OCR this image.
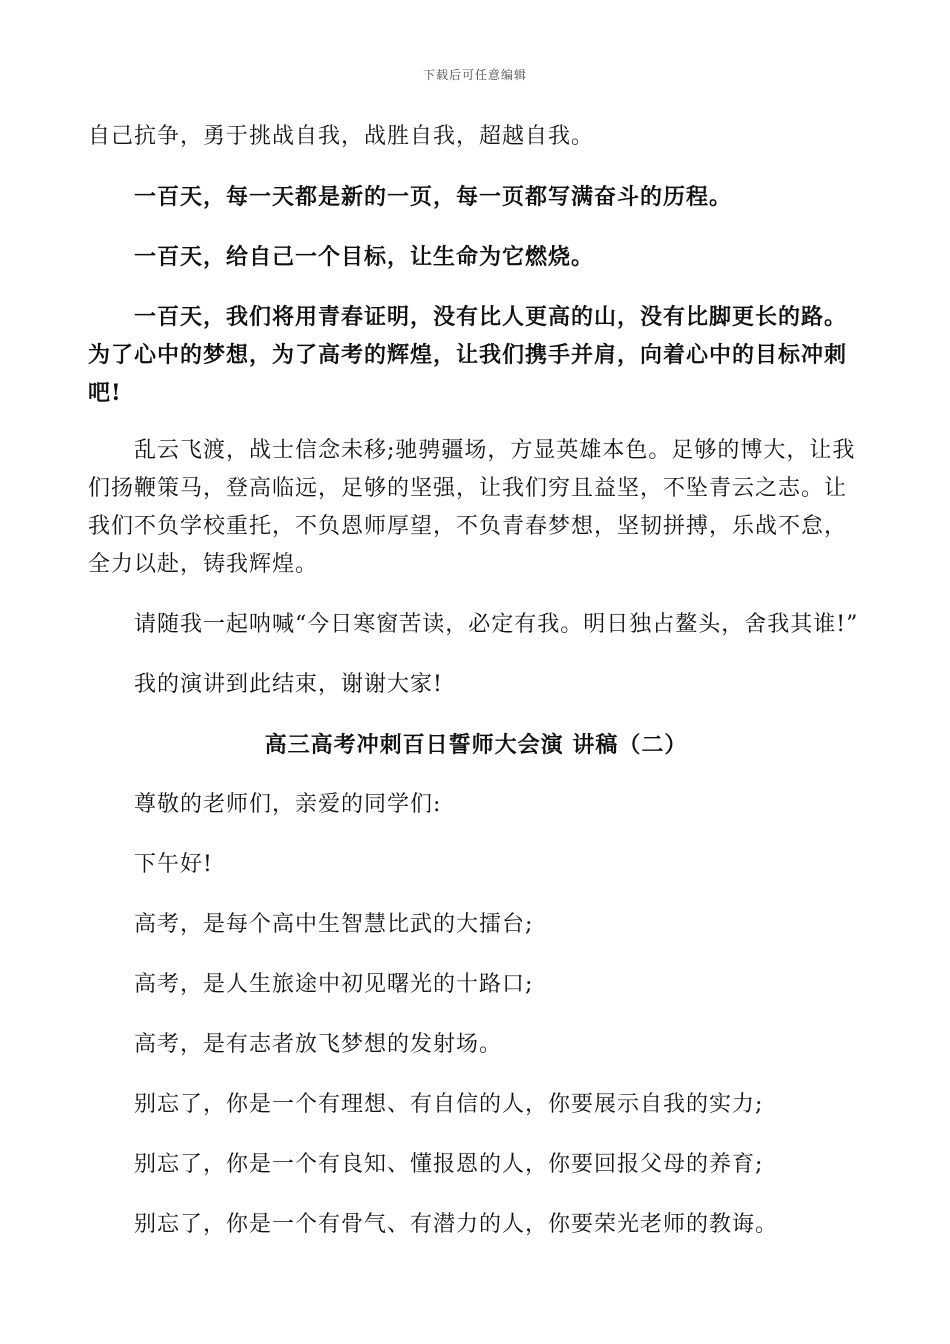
下载后可任意编辑

自己抗争，勇于挑战自我，战胜自我，超越自我。

一百天，每一天都是新的一页，每一页都写满奋斗的历程。

一百天，给自己一个目标，让生命为它燃烧。

一百天，我们将用青春证明，没有比人更高的山，没有比脚更长的路。为了心中的梦想，为了高考的辉煌，让我们携手并肩，向着心中的目标冲刺吧!

乱云飞渡，战士信念未移;驰骋疆场，方显英雄本色。足够的博大，让我们扬鞭策马，登高临远，足够的坚强，让我们穷且益坚，不坠青云之志。让我们不负学校重托，不负恩师厚望，不负青春梦想，坚韧拼搏，乐战不怠，全力以赴，铸我辉煌。

请随我一起呐喊“今日寒窗苦读，必定有我。明日独占鳌头，舍我其谁!”

我的演讲到此结束，谢谢大家!

高三高考冲刺百日誓师大会演 讲稿（二）

尊敬的老师们，亲爱的同学们:

下午好!

高考，是每个高中生智慧比武的大擂台;

高考，是人生旅途中初见曙光的十路口;

高考，是有志者放飞梦想的发射场。

别忘了，你是一个有理想、有自信的人，你要展示自我的实力;

别忘了，你是一个有良知、懂报恩的人，你要回报父母的养育;

别忘了，你是一个有骨气、有潜力的人，你要荣光老师的教诲。
